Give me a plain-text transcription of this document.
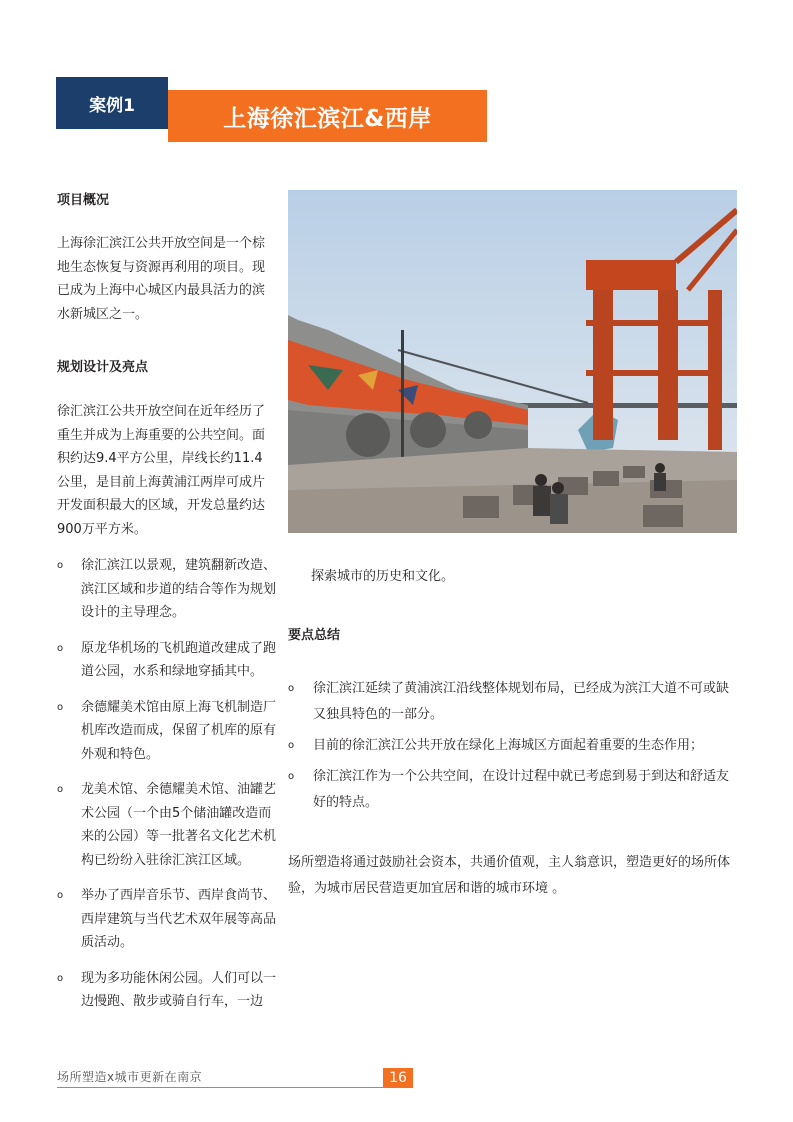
案例1	上海徐汇滨江&西岸
项目概况
上海徐汇滨江公共开放空间是一个棕地生态恢复与资源再利用的项目。现已成为上海中心城区内最具活力的滨水新城区之一。
规划设计及亮点
徐汇滨江公共开放空间在近年经历了重生并成为上海重要的公共空间。面积约达9.4平方公里，岸线长约11.4公里，是目前上海黄浦江两岸可成片开发面积最大的区域，开发总量约达900万平方米。
o	徐汇滨江以景观，建筑翻新改造、滨江区域和步道的结合等作为规划设计的主导理念。
o	原龙华机场的飞机跑道改建成了跑道公园，水系和绿地穿插其中。
o	余德耀美术馆由原上海飞机制造厂机库改造而成，保留了机库的原有外观和特色。
o	龙美术馆、余德耀美术馆、油罐艺术公园（一个由5个储油罐改造而来的公园）等一批著名文化艺术机构已纷纷入驻徐汇滨江区域。
o	举办了西岸音乐节、西岸食尚节、西岸建筑与当代艺术双年展等高品质活动。
o	现为多功能休闲公园。人们可以一边慢跑、散步或骑自行车，一边
探索城市的历史和文化。
要点总结
o	徐汇滨江延续了黄浦滨江沿线整体规划布局，已经成为滨江大道不可或缺又独具特色的一部分。
o	目前的徐汇滨江公共开放在绿化上海城区方面起着重要的生态作用；
o	徐汇滨江作为一个公共空间，在设计过程中就已考虑到易于到达和舒适友好的特点。
场所塑造将通过鼓励社会资本，共通价值观，主人翁意识，塑造更好的场所体验，为城市居民营造更加宜居和谐的城市环境 。
场所塑造x城市更新在南京	16
